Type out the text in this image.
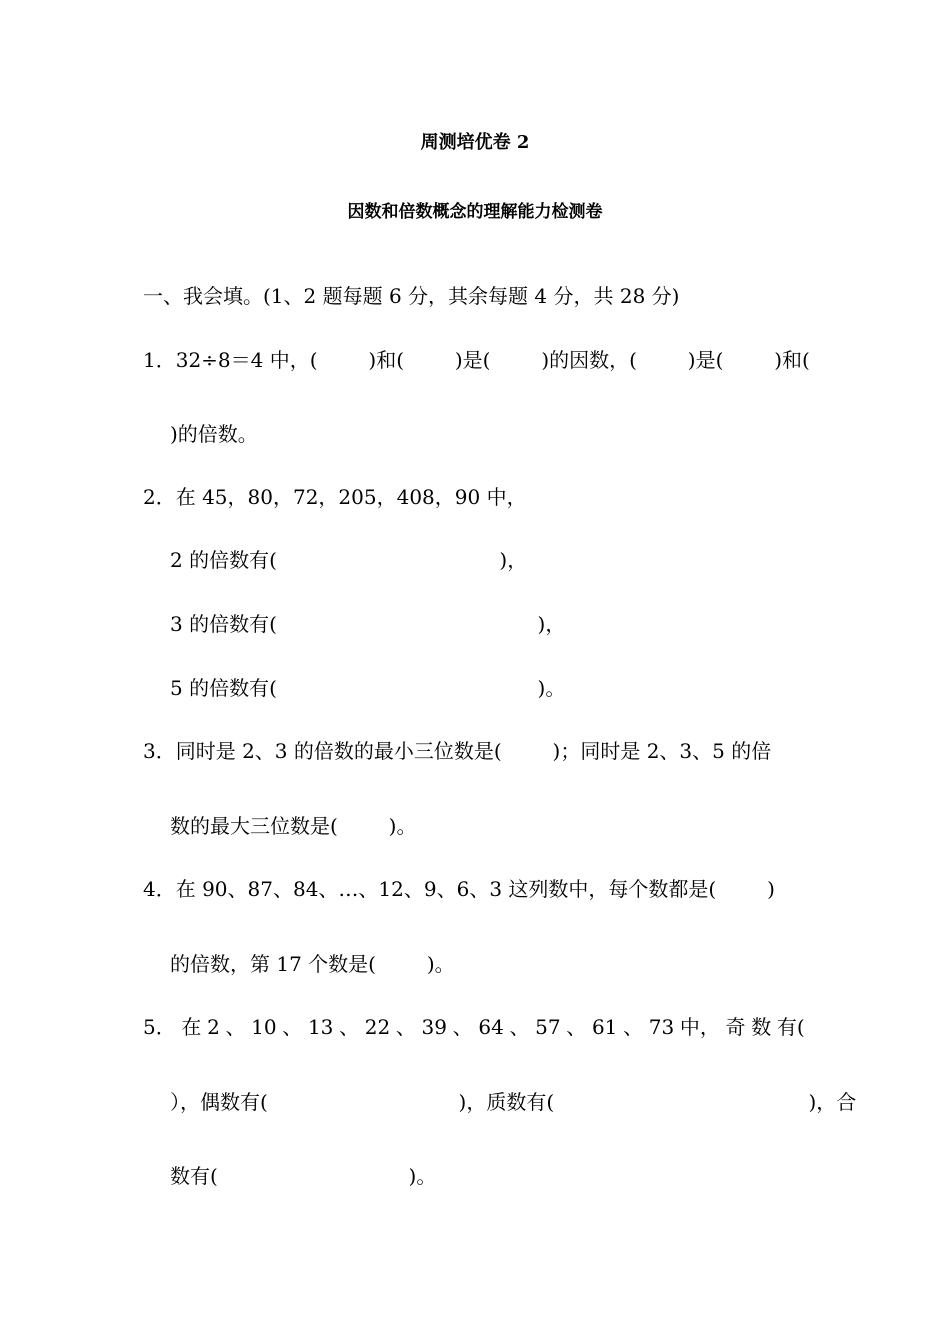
周测培优卷 2
因数和倍数概念的理解能力检测卷
一、我会填。(1、2 题每题 6 分，其余每题 4 分，共 28 分)
1．32÷8＝4 中，(        )和(        )是(        )的因数，(        )是(        )和(
)的倍数。
2．在 45，80，72，205，408，90 中，
2 的倍数有(                                   )，
3 的倍数有(                                         )，
5 的倍数有(                                         )。
3．同时是 2、3 的倍数的最小三位数是(        )；同时是 2、3、5 的倍
数的最大三位数是(        )。
4．在 90、87、84、…、12、9、6、3 这列数中，每个数都是(        )
的倍数，第 17 个数是(        )。
5． 在 2 、 10 、 13 、 22 、 39 、 64 、 57 、 61 、 73 中， 奇 数 有(
），偶数有(
	)，质数有(
	)，合
数有(                              )。
